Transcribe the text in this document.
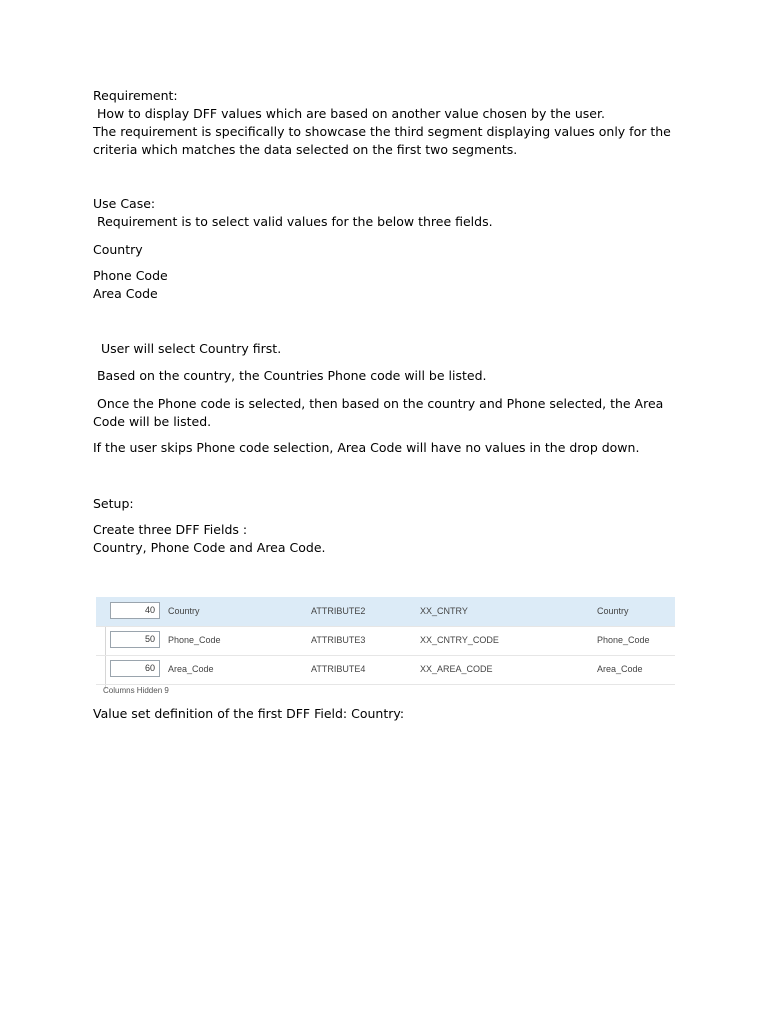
Requirement:

How to display DFF values which are based on another value chosen by the user.

The requirement is specifically to showcase the third segment displaying values only for the criteria which matches the data selected on the first two segments.

Use Case:

Requirement is to select valid values for the below three fields.

Country

Phone Code

Area Code

User will select Country first.

Based on the country, the Countries Phone code will be listed.

Once the Phone code is selected, then based on the country and Phone selected, the Area Code will be listed.

If the user skips Phone code selection, Area Code will have no values in the drop down.

Setup:

Create three DFF Fields :

Country, Phone Code and Area Code.

40	Country	ATTRIBUTE2	XX_CNTRY	Country
50	Phone_Code	ATTRIBUTE3	XX_CNTRY_CODE	Phone_Code
60	Area_Code	ATTRIBUTE4	XX_AREA_CODE	Area_Code
Columns Hidden 9

Value set definition of the first DFF Field: Country:
